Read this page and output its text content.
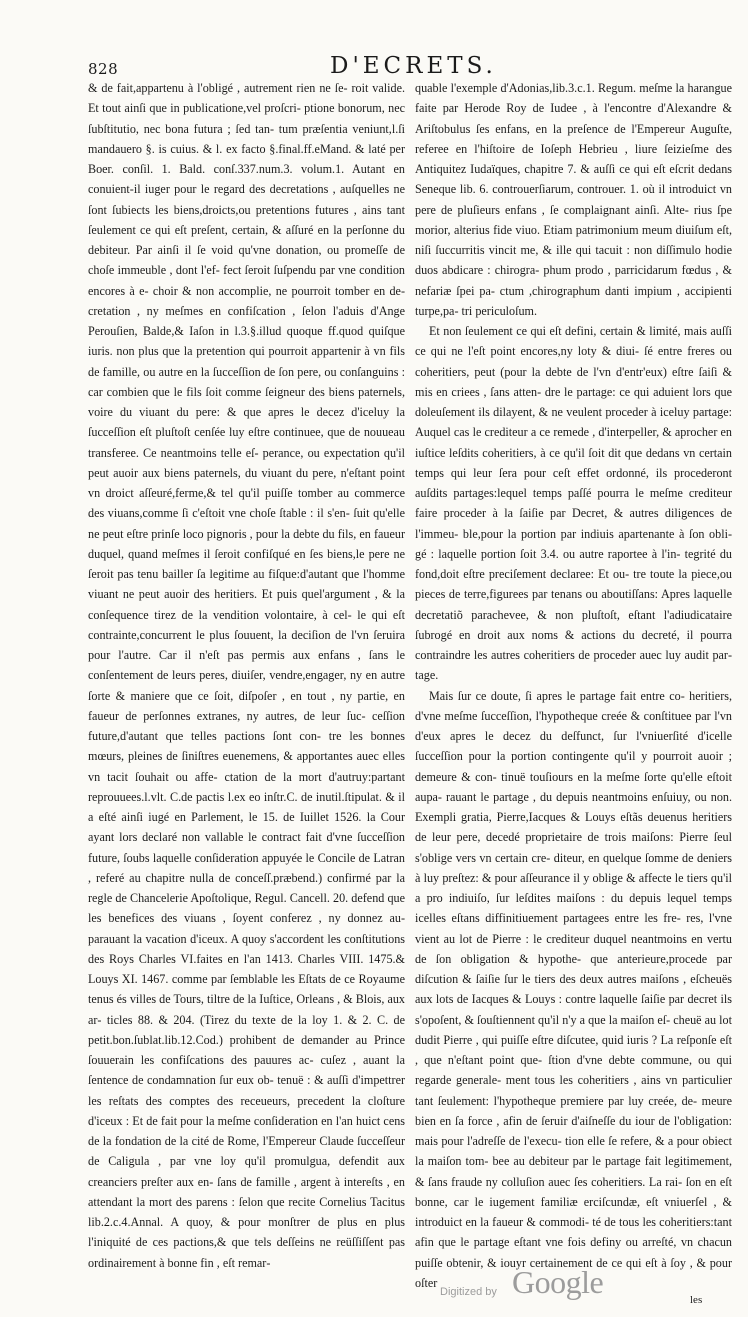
828	D'ECRETS.

& de fait,appartenu à l'obligé , autrement rien ne ſe‑ roit valide. Et tout ainſi que in publicatione,vel proſcri‑ ptione bonorum, nec ſubſtitutio, nec bona futura ; ſed tan‑ tum præſentia veniunt,l.ſi mandauero §. is cuius. & l. ex facto §.final.ff.eMand. & laté per Boer. conſil. 1. Bald. conſ.337.num.3. volum.1. Autant en conuient-il iuger pour le regard des decretations , auſquelles ne ſont ſubiects les biens,droicts,ou pretentions futures , ains tant ſeulement ce qui eſt preſent, certain, & aſſuré en la perſonne du debiteur. Par ainſi il ſe void qu'vne donation, ou promeſſe de choſe immeuble , dont l'ef‑ fect ſeroit ſuſpendu par vne condition encores à e‑ choir & non accomplie, ne pourroit tomber en de‑ cretation , ny meſmes en confiſcation , ſelon l'aduis d'Ange Perouſien, Balde,& Iaſon in l.3.§.illud quoque ff.quod quiſque iuris. non plus que la pretention qui pourroit appartenir à vn fils de famille, ou autre en la ſucceſſion de ſon pere, ou conſanguins : car combien que le fils ſoit comme ſeigneur des biens paternels, voire du viuant du pere: & que apres le decez d'iceluy la ſucceſſion eſt pluſtoſt cenſée luy eſtre continuee, que de nouueau transferee. Ce neantmoins telle eſ‑ perance, ou expectation qu'il peut auoir aux biens paternels, du viuant du pere, n'eſtant point vn droict aſſeuré,ferme,& tel qu'il puiſſe tomber au commerce des viuans,comme ſi c'eſtoit vne choſe ſtable : il s'en‑ ſuit qu'elle ne peut eſtre prinſe loco pignoris , pour la debte du fils, en faueur duquel, quand meſmes il ſeroit confiſqué en ſes biens,le pere ne ſeroit pas tenu bailler ſa legitime au fiſque:d'autant que l'homme viuant ne peut auoir des heritiers. Et puis quel'argument , & la conſequence tirez de la vendition volontaire, à cel‑ le qui eſt contrainte,concurrent le plus ſouuent, la deciſion de l'vn ſeruira pour l'autre. Car il n'eſt pas permis aux enfans , ſans le conſentement de leurs peres, diuiſer, vendre,engager, ny en autre ſorte & maniere que ce ſoit, diſpoſer , en tout , ny partie, en faueur de perſonnes extranes, ny autres, de leur ſuc‑ ceſſion future,d'autant que telles pactions ſont con‑ tre les bonnes mœurs, pleines de ſiniſtres euenemens, & apportantes auec elles vn tacit ſouhait ou affe‑ ctation de la mort d'autruy:partant reprouuees.l.vlt. C.de pactis l.ex eo inſtr.C. de inutil.ſtipulat. & il a eſté ainſi iugé en Parlement, le 15. de Iuillet 1526. la Cour ayant lors declaré non vallable le contract fait d'vne ſucceſſion future, ſoubs laquelle conſideration appuyée le Concile de Latran , referé au chapitre nulla de conceſſ.præbend.) confirmé par la regle de Chancelerie Apoſtolique, Regul. Cancell. 20. defend que les benefices des viuans , ſoyent conferez , ny donnez au‑ parauant la vacation d'iceux. A quoy s'accordent les conſtitutions des Roys Charles VI.faites en l'an 1413. Charles VIII. 1475.& Louys XI. 1467. comme par ſemblable les Eſtats de ce Royaume tenus és villes de Tours, tiltre de la Iuſtice, Orleans , & Blois, aux ar‑ ticles 88. & 204. (Tirez du texte de la loy 1. & 2. C. de petit.bon.ſublat.lib.12.Cod.) prohibent de demander au Prince ſouuerain les confiſcations des pauures ac‑ cuſez , auant la ſentence de condamnation ſur eux ob‑ tenuë : & auſſi d'impettrer les reſtats des comptes des receueurs, precedent la cloſture d'iceux : Et de fait pour la meſme conſideration en l'an huict cens de la fondation de la cité de Rome, l'Empereur Claude ſucceſſeur de Caligula , par vne loy qu'il promulgua, defendit aux creanciers preſter aux en‑ ſans de famille , argent à intereſts , en attendant la mort des parens : ſelon que recite Cornelius Tacitus lib.2.c.4.Annal. A quoy, & pour monſtrer de plus en plus l'iniquité de ces pactions,& que tels deſſeins ne reüſſiſſent pas ordinairement à bonne fin , eſt remar‑

quable l'exemple d'Adonias,lib.3.c.1. Regum. meſme la harangue faite par Herode Roy de Iudee , à l'encontre d'Alexandre & Ariſtobulus ſes enfans, en la preſence de l'Empereur Auguſte, referee en l'hiſtoire de Ioſeph Hebrieu , liure ſeizieſme des Antiquitez Iudaïques, chapitre 7. & auſſi ce qui eſt eſcrit dedans Seneque lib. 6. controuerſiarum, controuer. 1. où il introduict vn pere de pluſieurs enfans , ſe complaignant ainſi. Alte‑ rius ſpe morior, alterius fide viuo. Etiam patrimonium meum diuiſum eſt, niſi ſuccurritis vincit me, & ille qui tacuit : non diſſimulo hodie duos abdicare : chirogra‑ phum prodo , parricidarum fœdus , & nefariæ ſpei pa‑ ctum ,chirographum danti impium , accipienti turpe,pa‑ tri periculoſum.

Et non ſeulement ce qui eſt defini, certain & limité, mais auſſi ce qui ne l'eſt point encores,ny loty & diui‑ ſé entre freres ou coheritiers, peut (pour la debte de l'vn d'entr'eux) eſtre ſaiſi & mis en criees , ſans atten‑ dre le partage: ce qui aduient lors que doleuſement ils dilayent, & ne veulent proceder à iceluy partage: Auquel cas le crediteur a ce remede , d'interpeller, & aprocher en iuſtice leſdits coheritiers, à ce qu'il ſoit dit que dedans vn certain temps qui leur ſera pour ceſt effet ordonné, ils procederont auſdits partages:lequel temps paſſé pourra le meſme crediteur faire proceder à la ſaiſie par Decret, & autres diligences de l'immeu‑ ble,pour la portion par indiuis apartenante à ſon obli‑ gé : laquelle portion ſoit 3.4. ou autre raportee à l'in‑ tegrité du fond,doit eſtre preciſement declaree: Et ou‑ tre toute la piece,ou pieces de terre,figurees par tenans ou aboutiſſans: Apres laquelle decretatiõ parachevee, & non pluſtoſt, eſtant l'adiudicataire ſubrogé en droit aux noms & actions du decreté, il pourra contraindre les autres coheritiers de proceder auec luy audit par‑ tage.

Mais ſur ce doute, ſi apres le partage fait entre co‑ heritiers, d'vne meſme ſucceſſion, l'hypotheque creée & conſtituee par l'vn d'eux apres le decez du deſfunct, ſur l'vniuerſité d'icelle ſucceſſion pour la portion contingente qu'il y pourroit auoir ; demeure & con‑ tinuë touſiours en la meſme ſorte qu'elle eſtoit aupa‑ rauant le partage , du depuis neantmoins enſuiuy, ou non. Exempli gratia, Pierre,Iacques & Louys eſtãs deuenus heritiers de leur pere, decedé proprietaire de trois maiſons: Pierre ſeul s'oblige vers vn certain cre‑ diteur, en quelque ſomme de deniers à luy preſtez: & pour aſſeurance il y oblige & affecte le tiers qu'il a pro indiuiſo, ſur leſdites maiſons : du depuis lequel temps icelles eſtans diffinitiuement partagees entre les fre‑ res, l'vne vient au lot de Pierre : le crediteur duquel neantmoins en vertu de ſon obligation & hypothe‑ que anterieure,procede par diſcution & ſaiſie ſur le tiers des deux autres maiſons , eſcheuës aux lots de Iacques & Louys : contre laquelle ſaiſie par decret ils s'opoſent, & ſouſtiennent qu'il n'y a que la maiſon eſ‑ cheuë au lot dudit Pierre , qui puiſſe eſtre diſcutee, quid iuris ? La reſponſe eſt , que n'eſtant point que‑ ſtion d'vne debte commune, ou qui regarde generale‑ ment tous les coheritiers , ains vn particulier tant ſeulement: l'hypotheque premiere par luy creée, de‑ meure bien en ſa force , afin de ſeruir d'aiſneſſe du iour de l'obligation: mais pour l'adreſſe de l'execu‑ tion elle ſe refere, & a pour obiect la maiſon tom‑ bee au debiteur par le partage fait legitimement, & ſans fraude ny colluſion auec ſes coheritiers. La rai‑ ſon en eſt bonne, car le iugement familiæ erciſcundæ, eſt vniuerſel , & introduict en la faueur & commodi‑ té de tous les coheritiers:tant afin que le partage eſtant vne fois definy ou arreſté, vn chacun puiſſe obtenir, & iouyr certainement de ce qui eſt à ſoy , & pour oſter

les
Digitized by Google
